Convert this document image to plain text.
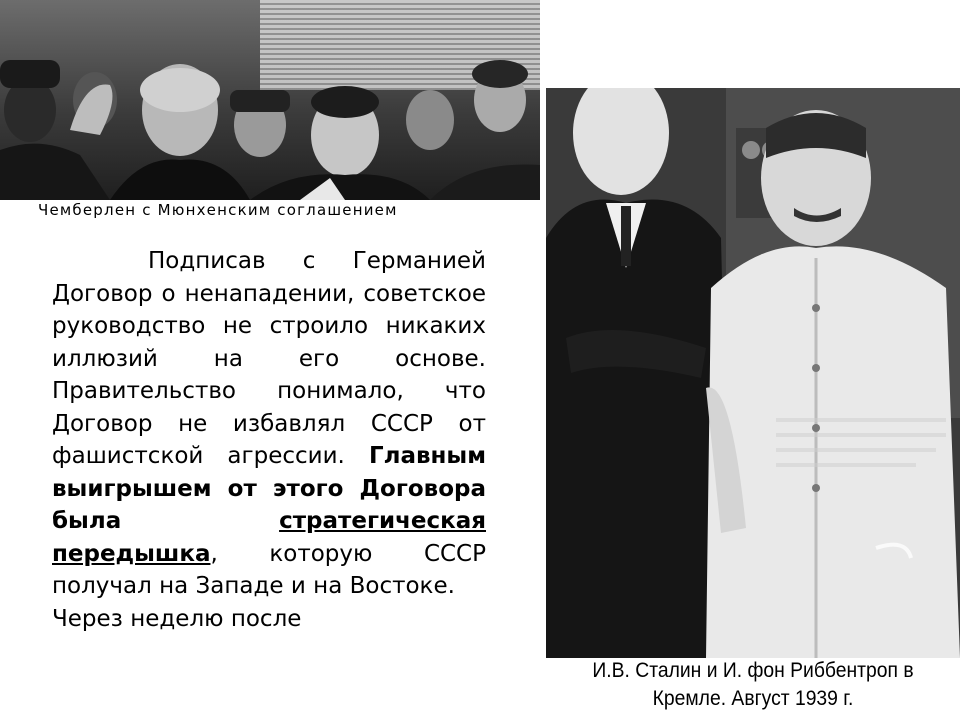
Чемберлен с Мюнхенским соглашением
И.В. Сталин и И. фон Риббентроп в
Кремле. Август 1939 г.

Подписав с Германией Договор о ненападении, советское руководство не строило никаких иллюзий на его основе. Правительство понимало, что Договор не избавлял СССР от фашистской агрессии. Главным выигрышем от этого Договора была	стратегическая передышка, которую СССР получал на Западе и на Востоке.

Через неделю после
